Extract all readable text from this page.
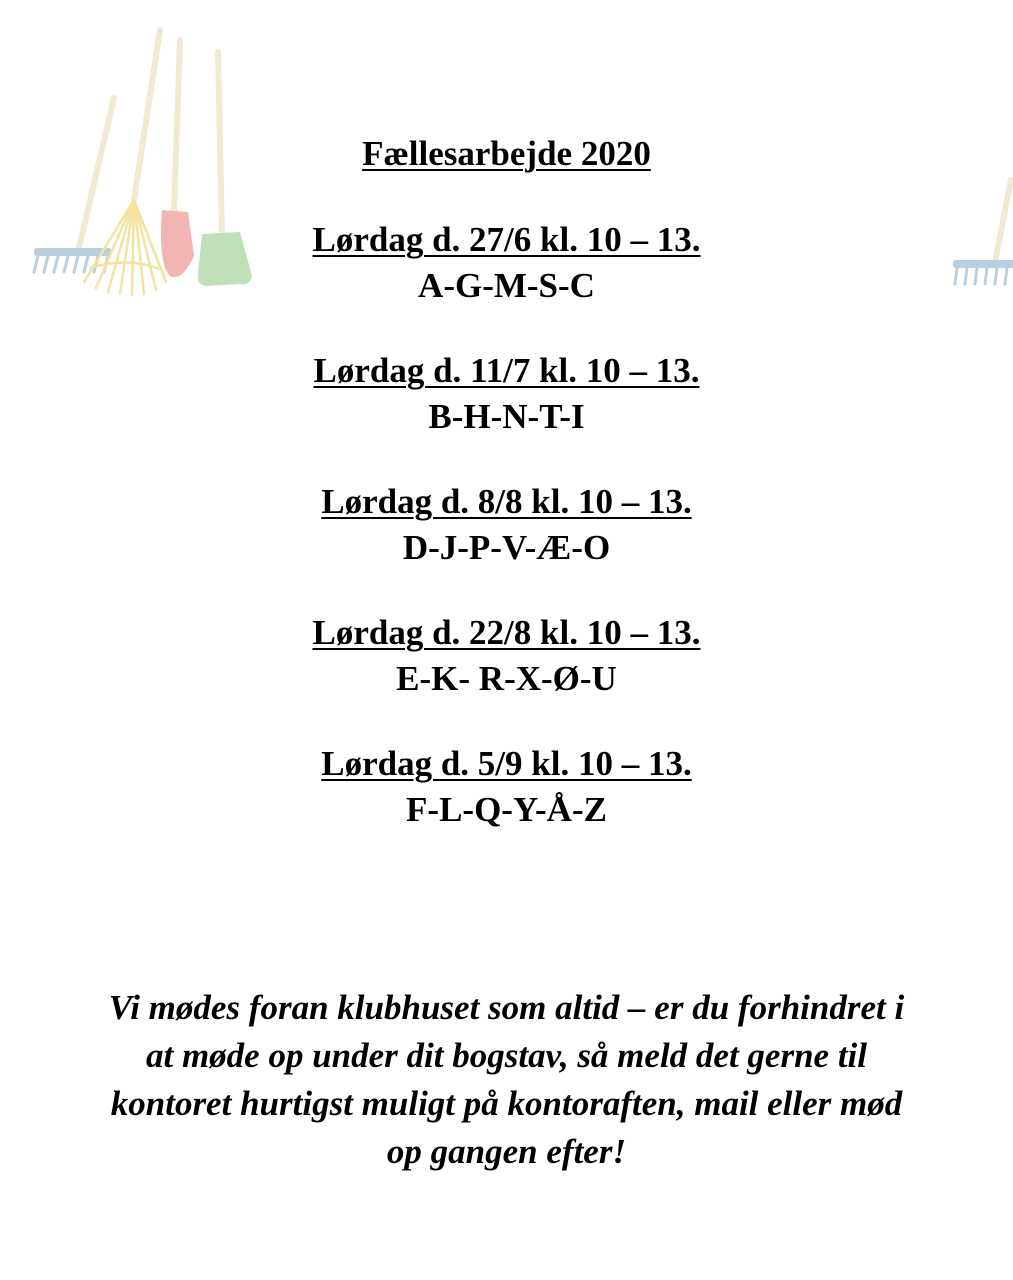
Fællesarbejde 2020
Lørdag d. 27/6 kl. 10 – 13.
A-G-M-S-C
Lørdag d. 11/7 kl. 10 – 13.
B-H-N-T-I
Lørdag d. 8/8 kl. 10 – 13.
D-J-P-V-Æ-O
Lørdag d. 22/8 kl. 10 – 13.
E-K- R-X-Ø-U
Lørdag d. 5/9 kl. 10 – 13.
F-L-Q-Y-Å-Z

Vi mødes foran klubhuset som altid – er du forhindret i at møde op under dit bogstav, så meld det gerne til kontoret hurtigst muligt på kontoraften, mail eller mød op gangen efter!
